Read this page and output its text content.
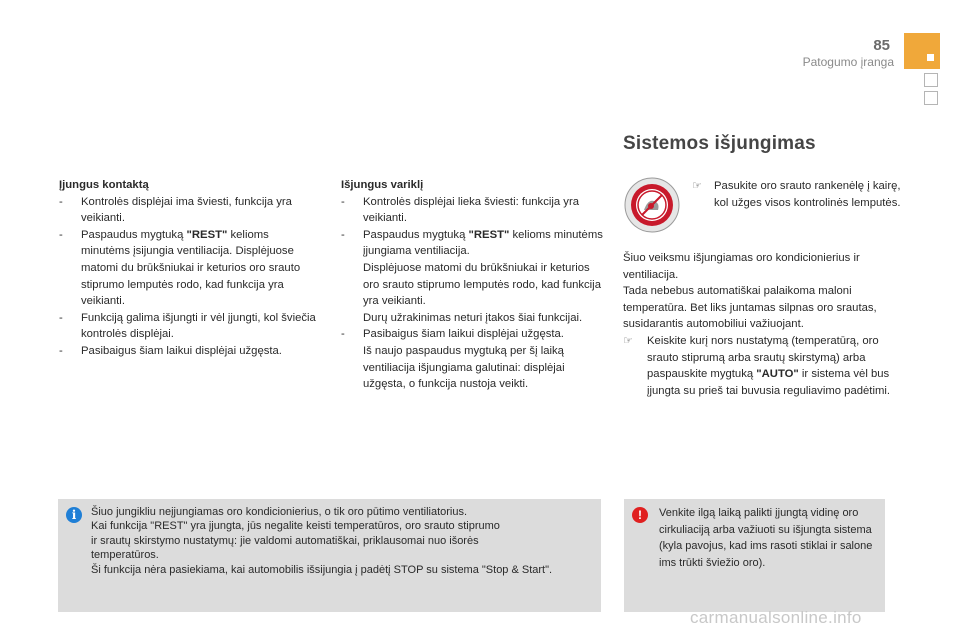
85
Patogumo įranga
Įjungus kontaktą
- Kontrolės displėjai ima šviesti, funkcija yra veikianti.
- Paspaudus mygtuką "REST" kelioms minutėms įsijungia ventiliacija. Displėjuose matomi du brūkšniukai ir keturios oro srauto stiprumo lemputės rodo, kad funkcija yra veikianti.
- Funkciją galima išjungti ir vėl įjungti, kol šviečia kontrolės displėjai.
- Pasibaigus šiam laikui displėjai užgęsta.
Išjungus variklį
- Kontrolės displėjai lieka šviesti: funkcija yra veikianti.
- Paspaudus mygtuką "REST" kelioms minutėms įjungiama ventiliacija.

Displėjuose matomi du brūkšniukai ir keturios oro srauto stiprumo lemputės rodo, kad funkcija yra veikianti.

Durų užrakinimas neturi įtakos šiai funkcijai.

- Pasibaigus šiam laikui displėjai užgęsta.

Iš naujo paspaudus mygtuką per šį laiką ventiliacija išjungiama galutinai: displėjai užgęsta, o funkcija nustoja veikti.

Sistemos išjungimas
☞ Pasukite oro srauto rankenėlę į kairę, kol užges visos kontrolinės lemputės.

Šiuo veiksmu išjungiamas oro kondicionierius ir ventiliacija.

Tada nebebus automatiškai palaikoma maloni temperatūra. Bet liks juntamas silpnas oro srautas, susidarantis automobiliui važiuojant.

☞ Keiskite kurį nors nustatymą (temperatūrą, oro srauto stiprumą arba srautų skirstymą) arba paspauskite mygtuką "AUTO" ir sistema vėl bus įjungta su prieš tai buvusia reguliavimo padėtimi.

i	Šiuo jungikliu neįjungiamas oro kondicionierius, o tik oro pūtimo ventiliatorius.

Kai funkcija "REST" yra įjungta, jūs negalite keisti temperatūros, oro srauto stiprumo

ir srautų skirstymo nustatymų: jie valdomi automatiškai, priklausomai nuo išorės

temperatūros.

Ši funkcija nėra pasiekiama, kai automobilis išsijungia į padėtį STOP su sistema "Stop & Start".

!	Venkite ilgą laiką palikti įjungtą vidinę oro cirkuliaciją arba važiuoti su išjungta sistema (kyla pavojus, kad ims rasoti stiklai ir salone ims trūkti šviežio oro).

carmanualsonline.info
